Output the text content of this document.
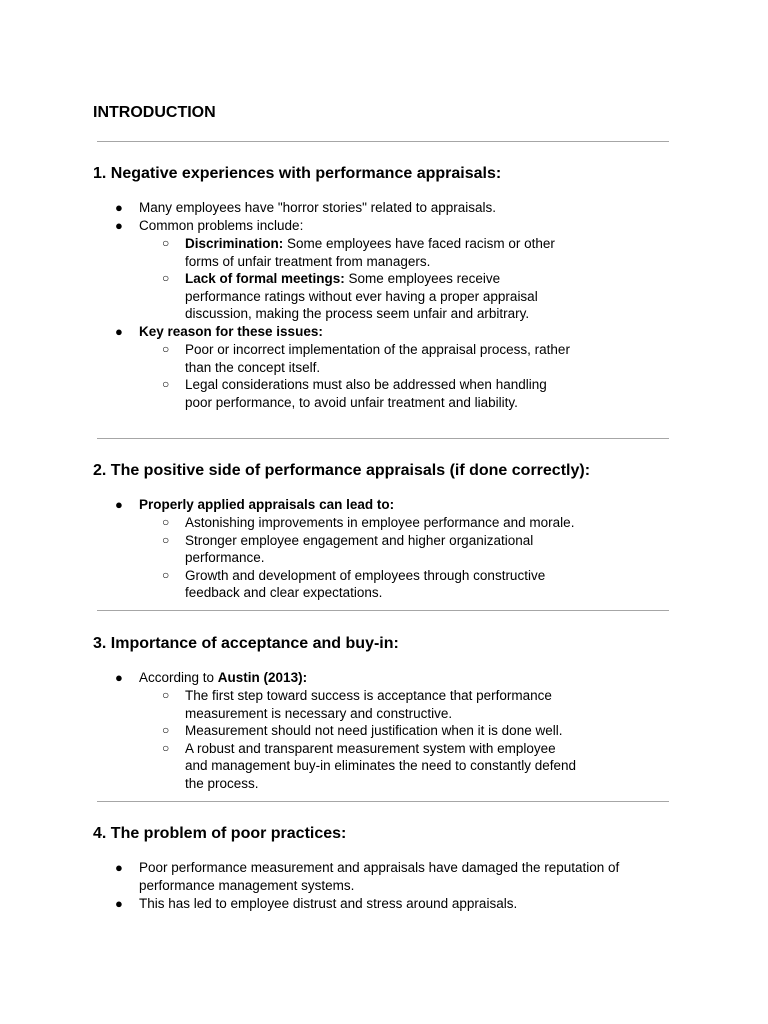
INTRODUCTION
1. Negative experiences with performance appraisals:
● Many employees have "horror stories" related to appraisals.
● Common problems include:
○ Discrimination: Some employees have faced racism or other forms of unfair treatment from managers.
○ Lack of formal meetings: Some employees receive performance ratings without ever having a proper appraisal discussion, making the process seem unfair and arbitrary.
● Key reason for these issues:
○ Poor or incorrect implementation of the appraisal process, rather than the concept itself.
○ Legal considerations must also be addressed when handling poor performance, to avoid unfair treatment and liability.
2. The positive side of performance appraisals (if done correctly):
● Properly applied appraisals can lead to:
○ Astonishing improvements in employee performance and morale.
○ Stronger employee engagement and higher organizational performance.
○ Growth and development of employees through constructive feedback and clear expectations.
3. Importance of acceptance and buy-in:
● According to Austin (2013):
○ The first step toward success is acceptance that performance measurement is necessary and constructive.
○ Measurement should not need justification when it is done well.
○ A robust and transparent measurement system with employee and management buy-in eliminates the need to constantly defend the process.
4. The problem of poor practices:
● Poor performance measurement and appraisals have damaged the reputation of performance management systems.
● This has led to employee distrust and stress around appraisals.
